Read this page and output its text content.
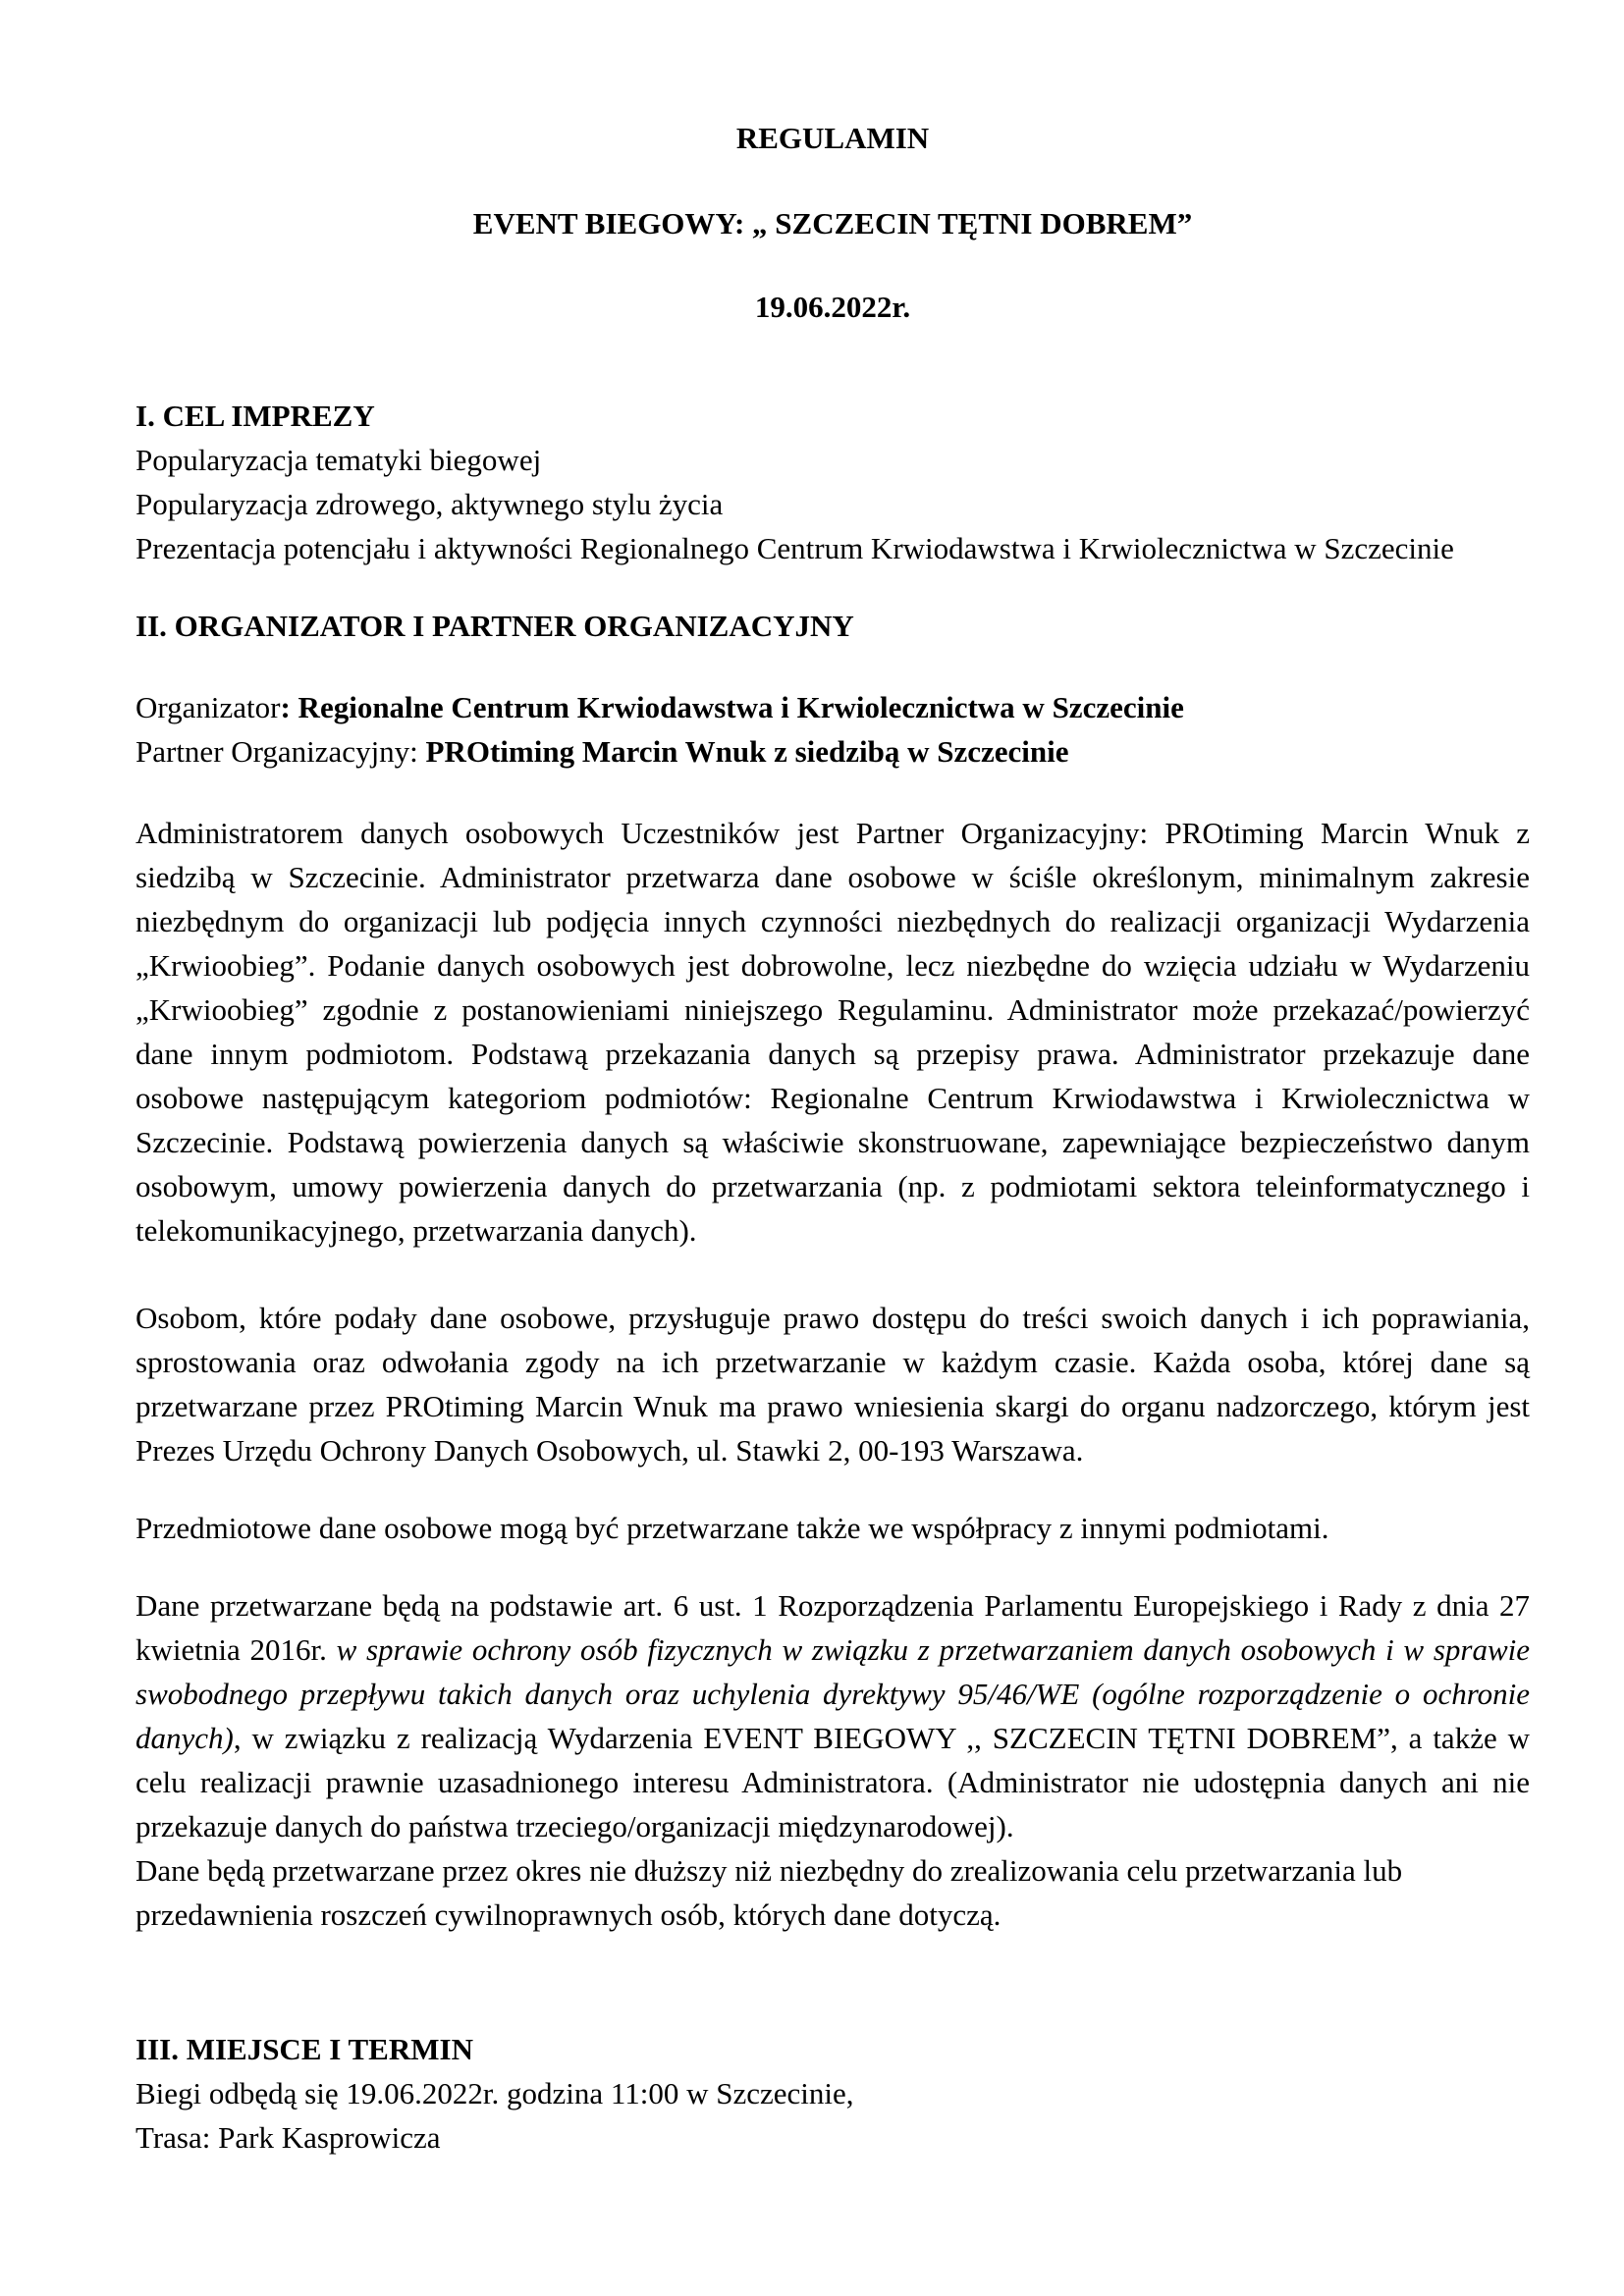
REGULAMIN

EVENT BIEGOWY: „ SZCZECIN TĘTNI DOBREM”

19.06.2022r.

I. CEL IMPREZY

Popularyzacja tematyki biegowej

Popularyzacja zdrowego, aktywnego stylu życia

Prezentacja potencjału i aktywności Regionalnego Centrum Krwiodawstwa i Krwiolecznictwa w Szczecinie

II. ORGANIZATOR I PARTNER ORGANIZACYJNY

Organizator: Regionalne Centrum Krwiodawstwa i Krwiolecznictwa w Szczecinie

Partner Organizacyjny: PROtiming Marcin Wnuk z siedzibą w Szczecinie

Administratorem danych osobowych Uczestników jest Partner Organizacyjny: PROtiming Marcin Wnuk z siedzibą w Szczecinie. Administrator przetwarza dane osobowe w ściśle określonym, minimalnym zakresie niezbędnym do organizacji lub podjęcia innych czynności niezbędnych do realizacji organizacji Wydarzenia „Krwioobieg”. Podanie danych osobowych jest dobrowolne, lecz niezbędne do wzięcia udziału w Wydarzeniu „Krwioobieg” zgodnie z postanowieniami niniejszego Regulaminu. Administrator może przekazać/powierzyć dane innym podmiotom. Podstawą przekazania danych są przepisy prawa. Administrator przekazuje dane osobowe następującym kategoriom podmiotów: Regionalne Centrum Krwiodawstwa i Krwiolecznictwa w Szczecinie. Podstawą powierzenia danych są właściwie skonstruowane, zapewniające bezpieczeństwo danym osobowym, umowy powierzenia danych do przetwarzania (np. z podmiotami sektora teleinformatycznego i telekomunikacyjnego, przetwarzania danych).

Osobom, które podały dane osobowe, przysługuje prawo dostępu do treści swoich danych i ich poprawiania, sprostowania oraz odwołania zgody na ich przetwarzanie w każdym czasie. Każda osoba, której dane są przetwarzane przez PROtiming Marcin Wnuk ma prawo wniesienia skargi do organu nadzorczego, którym jest Prezes Urzędu Ochrony Danych Osobowych, ul. Stawki 2, 00-193 Warszawa.

Przedmiotowe dane osobowe mogą być przetwarzane także we współpracy z innymi podmiotami.

Dane przetwarzane będą na podstawie art. 6 ust. 1 Rozporządzenia Parlamentu Europejskiego i Rady z dnia 27 kwietnia 2016r. w sprawie ochrony osób fizycznych w związku z przetwarzaniem danych osobowych i w sprawie swobodnego przepływu takich danych oraz uchylenia dyrektywy 95/46/WE (ogólne rozporządzenie o ochronie danych), w związku z realizacją Wydarzenia EVENT BIEGOWY ,, SZCZECIN TĘTNI DOBREM”, a także w celu realizacji prawnie uzasadnionego interesu Administratora. (Administrator nie udostępnia danych ani nie przekazuje danych do państwa trzeciego/organizacji międzynarodowej).

Dane będą przetwarzane przez okres nie dłuższy niż niezbędny do zrealizowania celu przetwarzania lub przedawnienia roszczeń cywilnoprawnych osób, których dane dotyczą.

III. MIEJSCE I TERMIN

Biegi odbędą się 19.06.2022r. godzina 11:00 w Szczecinie,

Trasa: Park Kasprowicza
